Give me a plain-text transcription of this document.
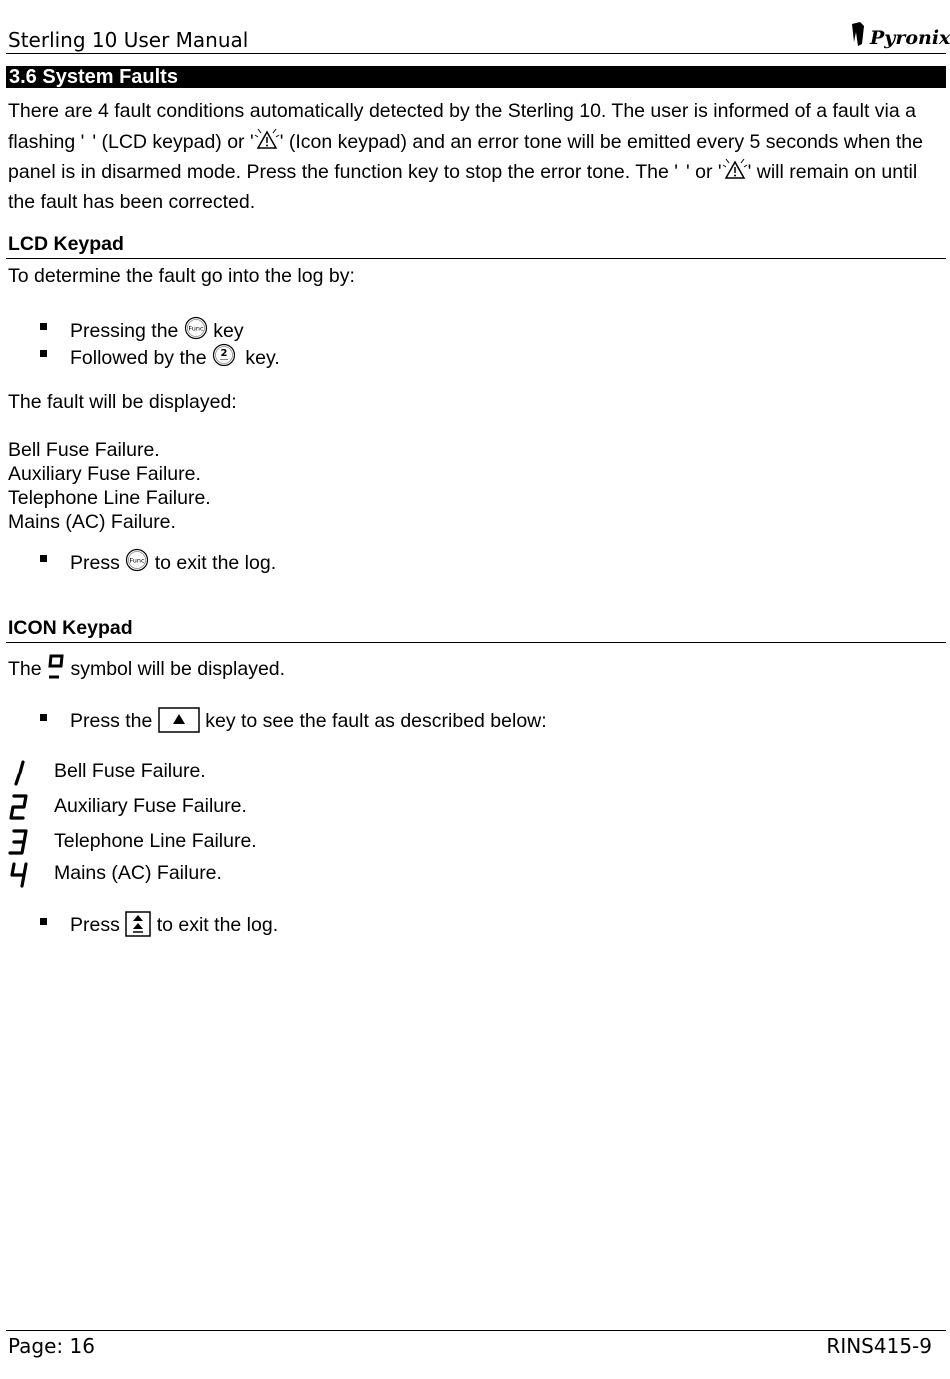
Sterling 10 User Manual	Pyronix
3.6 System Faults
There are 4 fault conditions automatically detected by the Sterling 10. The user is informed of a fault via a flashing ' ' (LCD keypad) or ' ' (Icon keypad) and an error tone will be emitted every 5 seconds when the panel is in disarmed mode. Press the function key to stop the error tone. The ' ' or ' ' will remain on until the fault has been corrected.
LCD Keypad
To determine the fault go into the log by:
Pressing the Func key
Followed by the 2 key.
The fault will be displayed:
Bell Fuse Failure.
Auxiliary Fuse Failure.
Telephone Line Failure.
Mains (AC) Failure.
Press Func to exit the log.
ICON Keypad
The symbol will be displayed.
Press the	key to see the fault as described below:
Bell Fuse Failure.
Auxiliary Fuse Failure.
Telephone Line Failure.
Mains (AC) Failure.
Press to exit the log.
Page: 16	RINS415-9
